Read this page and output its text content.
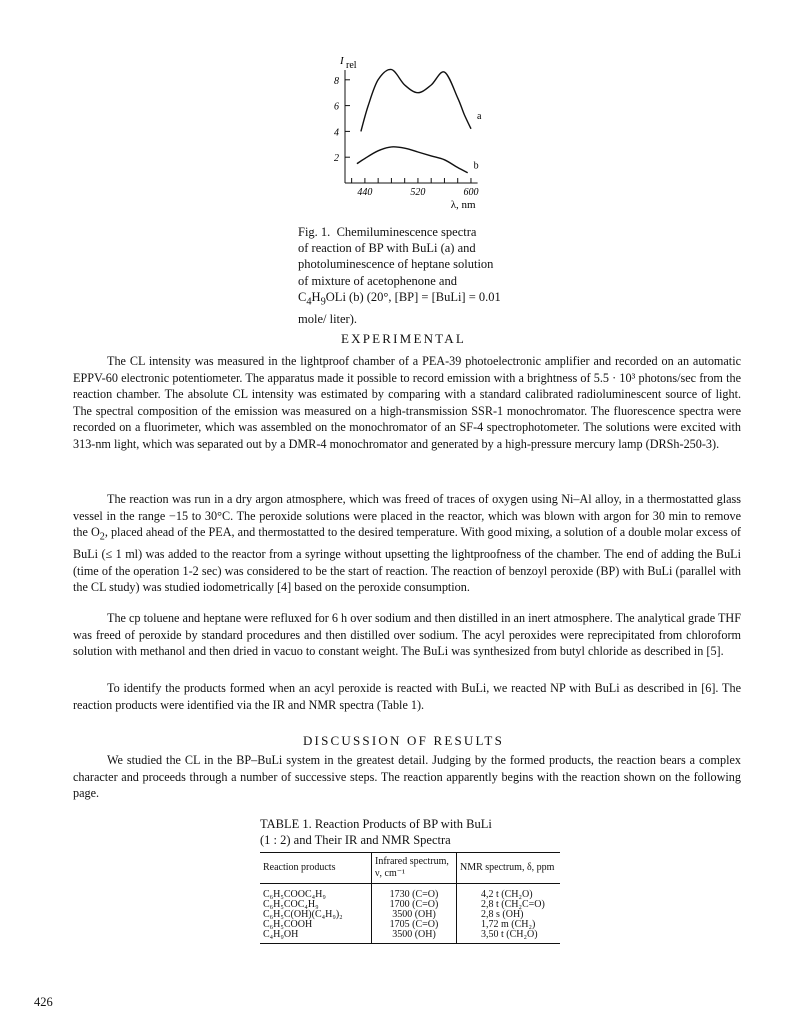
2
4
6
8
440	520	600
I rel
λ, nm
a
b
Fig. 1. Chemiluminescence spectra
of reaction of BP with BuLi (a) and
photoluminescence of heptane solution
of mixture of acetophenone and
$C_4H_9OLi$ (b) (20°, [BP] = [BuLi] = 0.01
mole/ liter).
EXPERIMENTAL

The CL intensity was measured in the lightproof chamber of a PEA-39 photoelectronic amplifier and recorded on an automatic EPPV-60 electronic potentiometer. The apparatus made it possible to record emission with a brightness of 5.5 · 10³ photons/sec from the reaction chamber. The absolute CL intensity was estimated by comparing with a standard calibrated radioluminescent source of light. The spectral composition of the emission was measured on a high-transmission SSR-1 monochromator. The fluorescence spectra were recorded on a fluorimeter, which was assembled on the monochromator of an SF-4 spectrophotometer. The solutions were excited with 313-nm light, which was separated out by a DMR-4 monochromator and generated by a high-pressure mercury lamp (DRSh-250-3).

The reaction was run in a dry argon atmosphere, which was freed of traces of oxygen using Ni–Al alloy, in a thermostatted glass vessel in the range −15 to 30°C. The peroxide solutions were placed in the reactor, which was blown with argon for 30 min to remove the $O_2$, placed ahead of the PEA, and thermostatted to the desired temperature. With good mixing, a solution of a double molar excess of BuLi (≤ 1 ml) was added to the reactor from a syringe without upsetting the lightproofness of the chamber. The end of adding the BuLi (time of the operation 1-2 sec) was considered to be the start of reaction. The reaction of benzoyl peroxide (BP) with BuLi (parallel with the CL study) was studied iodometrically [4] based on the peroxide consumption.

The cp toluene and heptane were refluxed for 6 h over sodium and then distilled in an inert atmosphere. The analytical grade THF was freed of peroxide by standard procedures and then distilled over sodium. The acyl peroxides were reprecipitated from chloroform solution with methanol and then dried in vacuo to constant weight. The BuLi was synthesized from butyl chloride as described in [5].

To identify the products formed when an acyl peroxide is reacted with BuLi, we reacted NP with BuLi as described in [6]. The reaction products were identified via the IR and NMR spectra (Table 1).

DISCUSSION OF RESULTS

We studied the CL in the BP–BuLi system in the greatest detail. Judging by the formed products, the reaction bears a complex character and proceeds through a number of successive steps. The reaction apparently begins with the reaction shown on the following page.

TABLE 1. Reaction Products of BP with BuLi
(1 : 2) and Their IR and NMR Spectra
Reaction products	Infrared spectrum, ν, cm⁻¹	NMR spectrum, δ, ppm
C₆H₅COOC₄H₉	1730 (C=O)	4,2 t (CH₂O)
C₆H₅COC₄H₉	1700 (C=O)	2,8 t (CH₂C=O)
C₆H₅C(OH)(C₄H₉)₂	3500 (OH)	2,8 s (OH)
C₆H₅COOH	1705 (C=O)	1,72 m (CH₂)
C₄H₉OH	3500 (OH)	3,50 t (CH₂O)
426
